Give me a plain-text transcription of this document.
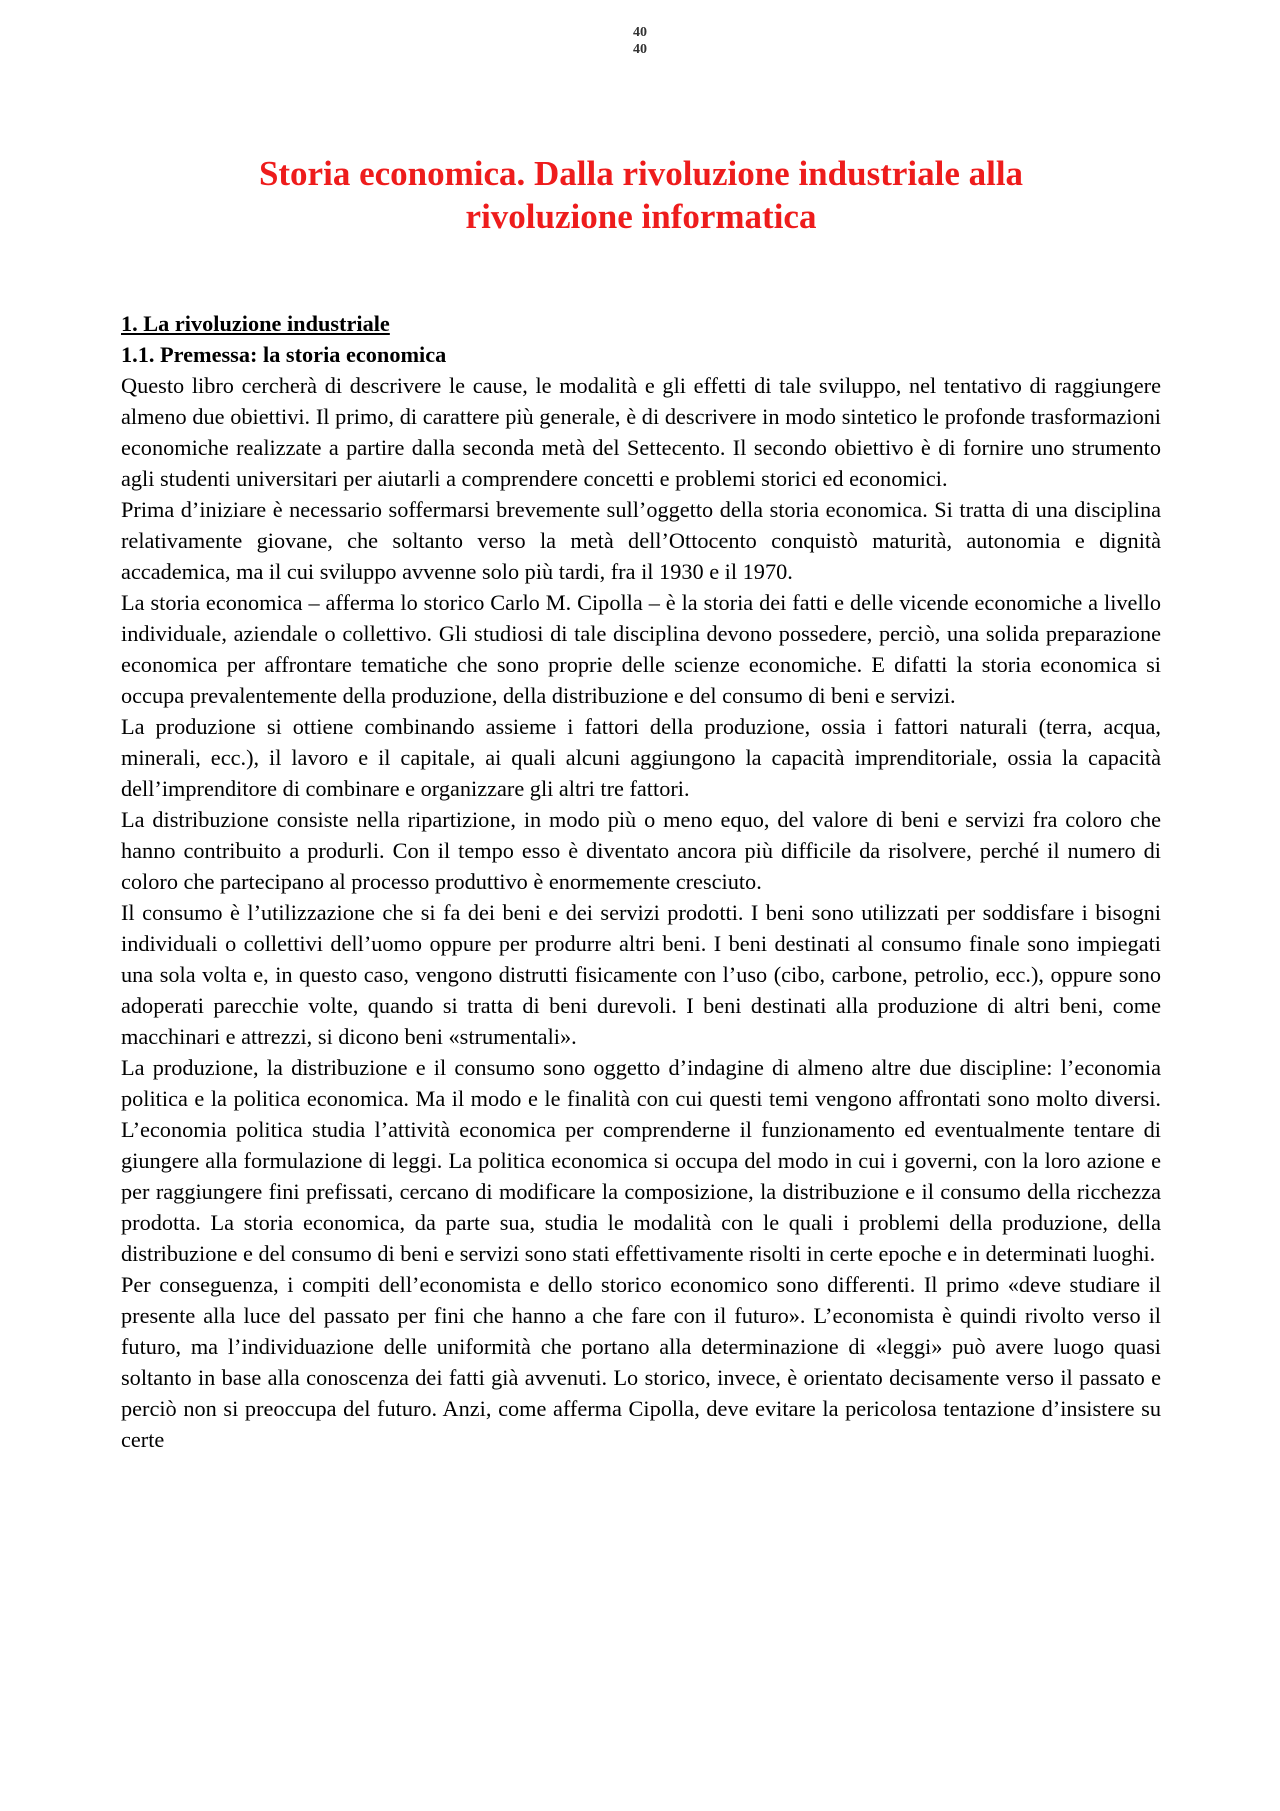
40
40
Storia economica. Dalla rivoluzione industriale alla
rivoluzione informatica

1. La rivoluzione industriale

1.1. Premessa: la storia economica

Questo libro cercherà di descrivere le cause, le modalità e gli effetti di tale sviluppo, nel tentativo di raggiungere almeno due obiettivi. Il primo, di carattere più generale, è di descrivere in modo sintetico le profonde trasformazioni economiche realizzate a partire dalla seconda metà del Settecento. Il secondo obiettivo è di fornire uno strumento agli studenti universitari per aiutarli a comprendere concetti e problemi storici ed economici.

Prima d’iniziare è necessario soffermarsi brevemente sull’oggetto della storia economica. Si tratta di una disciplina relativamente giovane, che soltanto verso la metà dell’Ottocento conquistò maturità, autonomia e dignità accademica, ma il cui sviluppo avvenne solo più tardi, fra il 1930 e il 1970.

La storia economica – afferma lo storico Carlo M. Cipolla – è la storia dei fatti e delle vicende economiche a livello individuale, aziendale o collettivo. Gli studiosi di tale disciplina devono possedere, perciò, una solida preparazione economica per affrontare tematiche che sono proprie delle scienze economiche. E difatti la storia economica si occupa prevalentemente della produzione, della distribuzione e del consumo di beni e servizi.

La produzione si ottiene combinando assieme i fattori della produzione, ossia i fattori naturali (terra, acqua, minerali, ecc.), il lavoro e il capitale, ai quali alcuni aggiungono la capacità imprenditoriale, ossia la capacità dell’imprenditore di combinare e organizzare gli altri tre fattori.

La distribuzione consiste nella ripartizione, in modo più o meno equo, del valore di beni e servizi fra coloro che hanno contribuito a produrli. Con il tempo esso è diventato ancora più difficile da risolvere, perché il numero di coloro che partecipano al processo produttivo è enormemente cresciuto.

Il consumo è l’utilizzazione che si fa dei beni e dei servizi prodotti. I beni sono utilizzati per soddisfare i bisogni individuali o collettivi dell’uomo oppure per produrre altri beni. I beni destinati al consumo finale sono impiegati una sola volta e, in questo caso, vengono distrutti fisicamente con l’uso (cibo, carbone, petrolio, ecc.), oppure sono adoperati parecchie volte, quando si tratta di beni durevoli. I beni destinati alla produzione di altri beni, come macchinari e attrezzi, si dicono beni «strumentali».

La produzione, la distribuzione e il consumo sono oggetto d’indagine di almeno altre due discipline: l’economia politica e la politica economica. Ma il modo e le finalità con cui questi temi vengono affrontati sono molto diversi. L’economia politica studia l’attività economica per comprenderne il funzionamento ed eventualmente tentare di giungere alla formulazione di leggi. La politica economica si occupa del modo in cui i governi, con la loro azione e per raggiungere fini prefissati, cercano di modificare la composizione, la distribuzione e il consumo della ricchezza prodotta. La storia economica, da parte sua, studia le modalità con le quali i problemi della produzione, della distribuzione e del consumo di beni e servizi sono stati effettivamente risolti in certe epoche e in determinati luoghi.

Per conseguenza, i compiti dell’economista e dello storico economico sono differenti. Il primo «deve studiare il presente alla luce del passato per fini che hanno a che fare con il futuro». L’economista è quindi rivolto verso il futuro, ma l’individuazione delle uniformità che portano alla determinazione di «leggi» può avere luogo quasi soltanto in base alla conoscenza dei fatti già avvenuti. Lo storico, invece, è orientato decisamente verso il passato e perciò non si preoccupa del futuro. Anzi, come afferma Cipolla, deve evitare la pericolosa tentazione d’insistere su certe
